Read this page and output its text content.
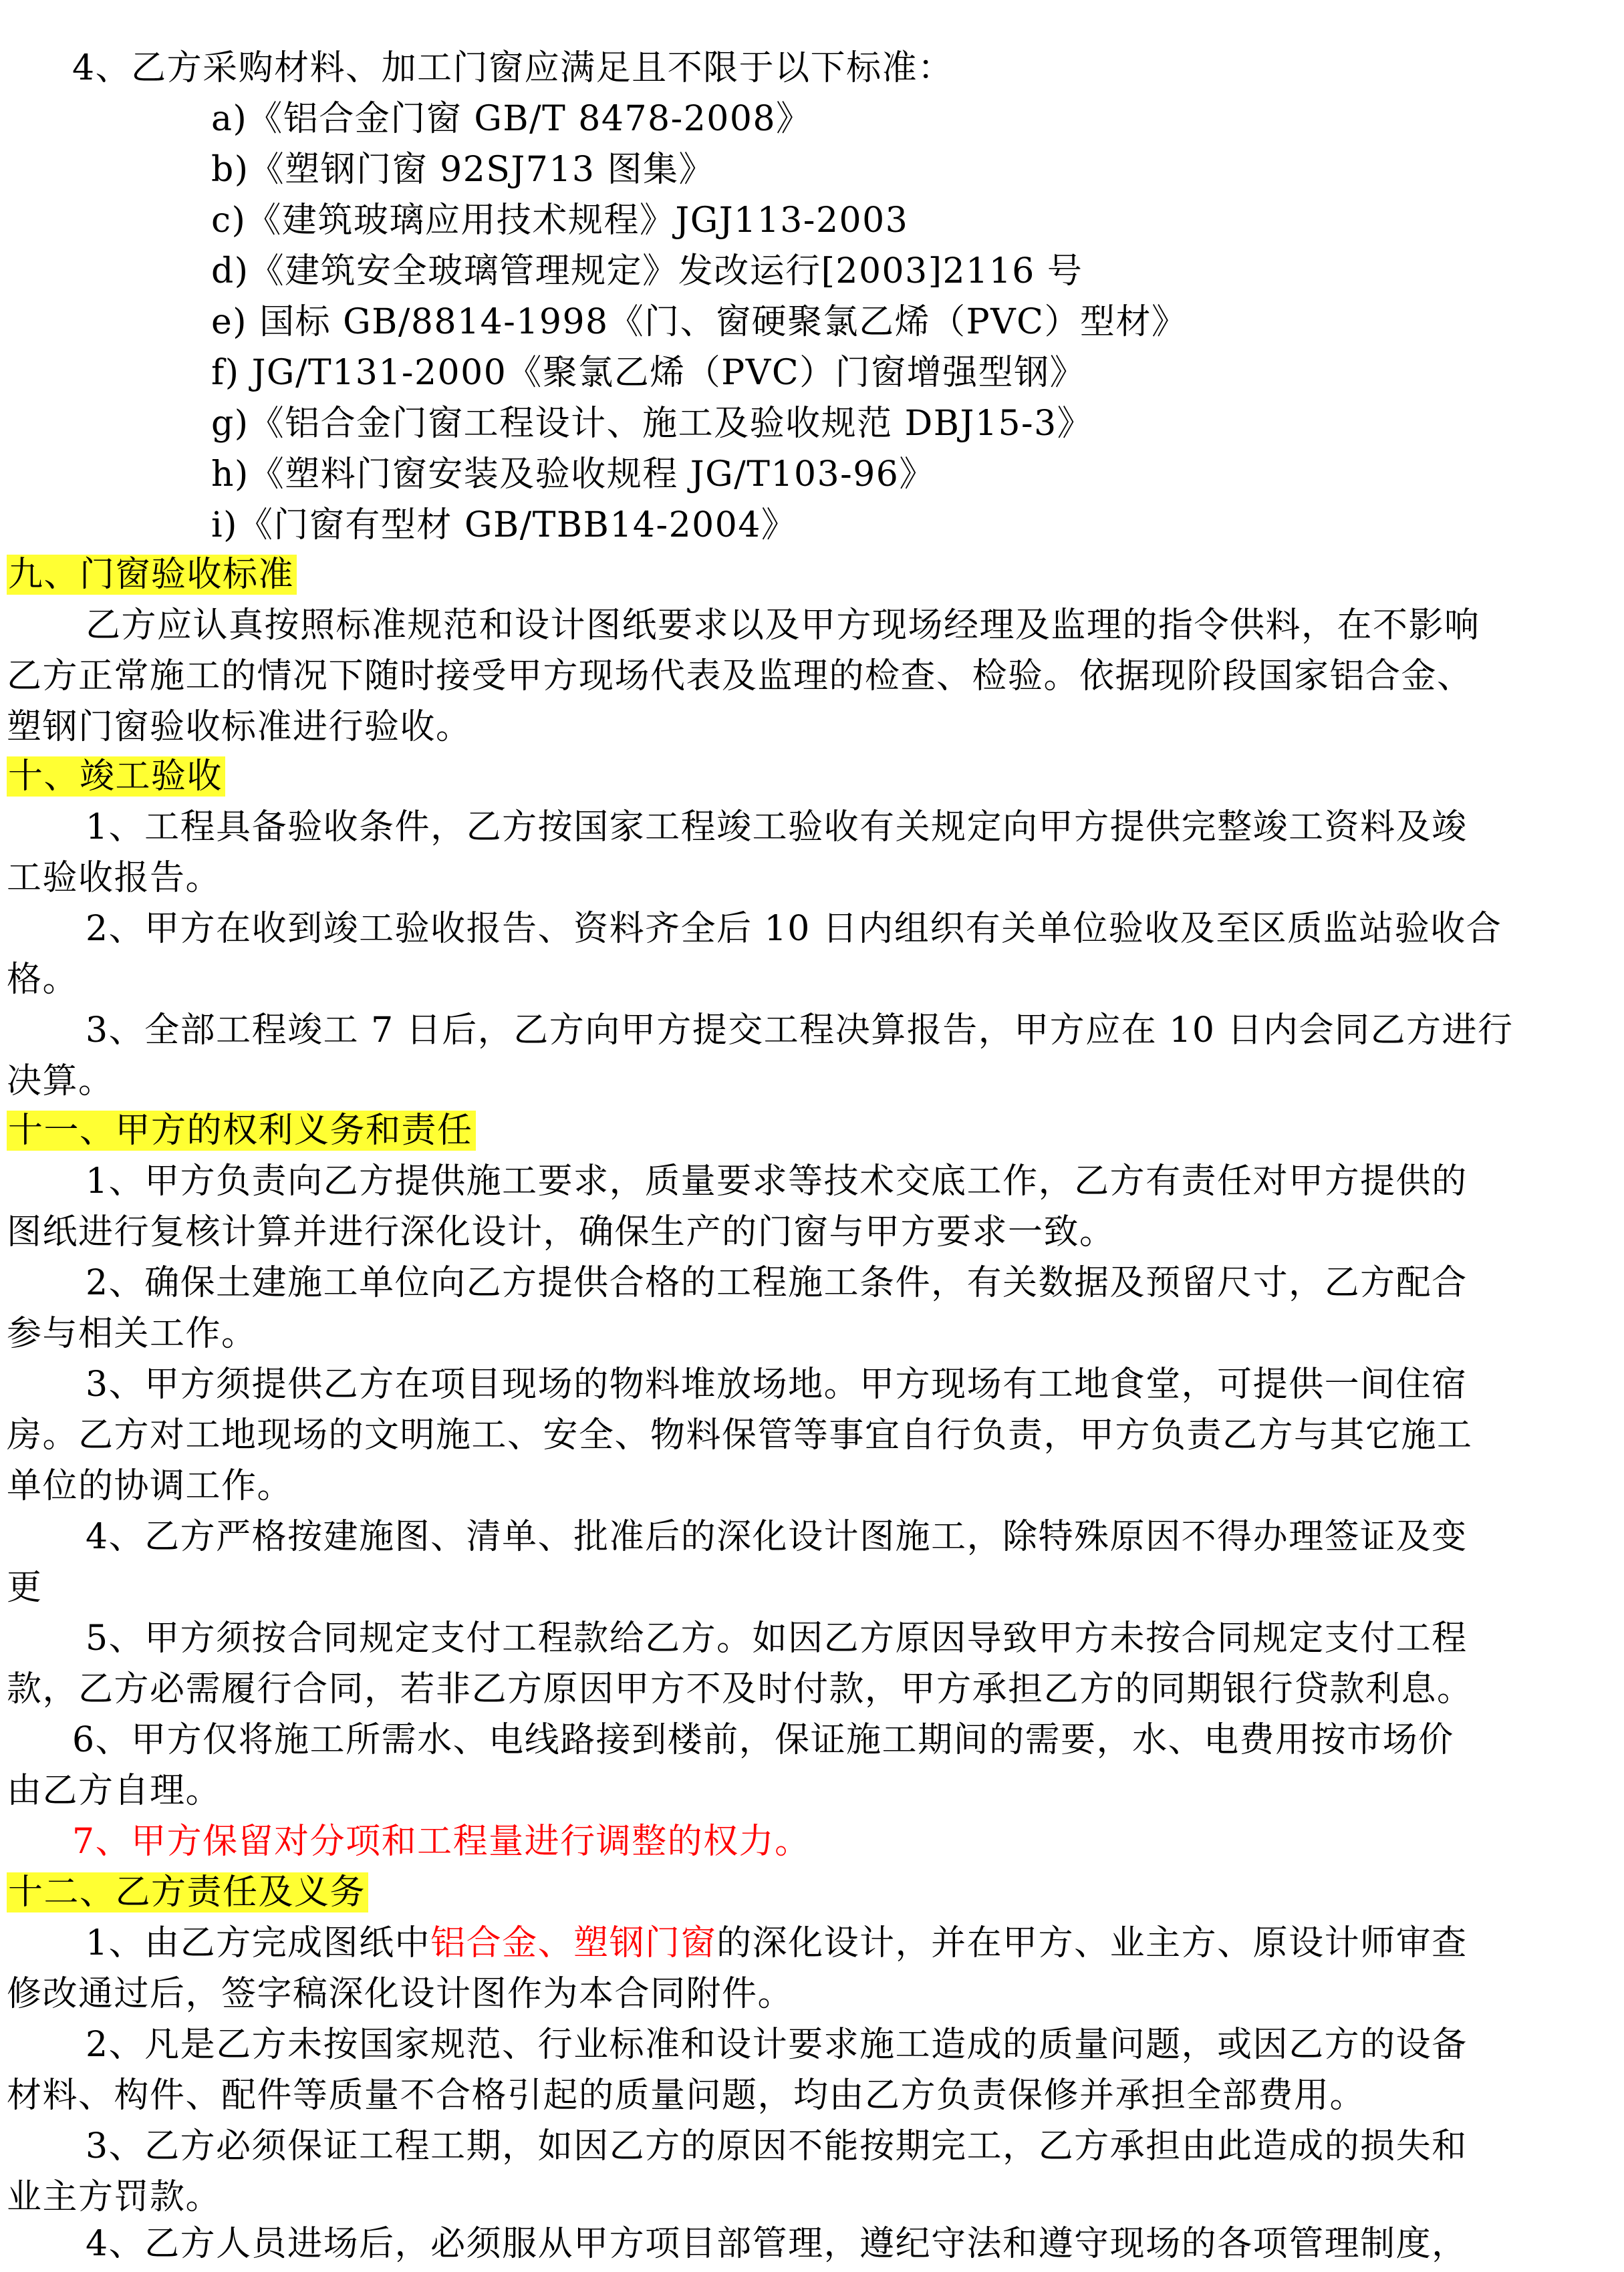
4、乙方采购材料、加工门窗应满足且不限于以下标准：
a)《铝合金门窗 GB/T 8478-2008》
b)《塑钢门窗 92SJ713 图集》
c)《建筑玻璃应用技术规程》JGJ113-2003
d)《建筑安全玻璃管理规定》发改运行[2003]2116 号
e) 国标 GB/8814-1998《门、窗硬聚氯乙烯（PVC）型材》
f) JG/T131-2000《聚氯乙烯（PVC）门窗增强型钢》
g)《铝合金门窗工程设计、施工及验收规范 DBJ15-3》
h)《塑料门窗安装及验收规程 JG/T103-96》
i)《门窗有型材 GB/TBB14-2004》
九、门窗验收标准
乙方应认真按照标准规范和设计图纸要求以及甲方现场经理及监理的指令供料，在不影响
乙方正常施工的情况下随时接受甲方现场代表及监理的检查、检验。依据现阶段国家铝合金、
塑钢门窗验收标准进行验收。
十、竣工验收
1、工程具备验收条件，乙方按国家工程竣工验收有关规定向甲方提供完整竣工资料及竣
工验收报告。
2、甲方在收到竣工验收报告、资料齐全后 10 日内组织有关单位验收及至区质监站验收合
格。
3、全部工程竣工 7 日后，乙方向甲方提交工程决算报告，甲方应在 10 日内会同乙方进行
决算。
十一、甲方的权利义务和责任
1、甲方负责向乙方提供施工要求，质量要求等技术交底工作，乙方有责任对甲方提供的
图纸进行复核计算并进行深化设计，确保生产的门窗与甲方要求一致。
2、确保土建施工单位向乙方提供合格的工程施工条件，有关数据及预留尺寸，乙方配合
参与相关工作。
3、甲方须提供乙方在项目现场的物料堆放场地。甲方现场有工地食堂，可提供一间住宿
房。乙方对工地现场的文明施工、安全、物料保管等事宜自行负责，甲方负责乙方与其它施工
单位的协调工作。
4、乙方严格按建施图、清单、批准后的深化设计图施工，除特殊原因不得办理签证及变
更
5、甲方须按合同规定支付工程款给乙方。如因乙方原因导致甲方未按合同规定支付工程
款，乙方必需履行合同，若非乙方原因甲方不及时付款，甲方承担乙方的同期银行贷款利息。
6、甲方仅将施工所需水、电线路接到楼前，保证施工期间的需要，水、电费用按市场价
由乙方自理。
7、甲方保留对分项和工程量进行调整的权力。
十二、乙方责任及义务
1、由乙方完成图纸中铝合金、塑钢门窗的深化设计，并在甲方、业主方、原设计师审查
修改通过后，签字稿深化设计图作为本合同附件。
2、凡是乙方未按国家规范、行业标准和设计要求施工造成的质量问题，或因乙方的设备
材料、构件、配件等质量不合格引起的质量问题，均由乙方负责保修并承担全部费用。
3、乙方必须保证工程工期，如因乙方的原因不能按期完工，乙方承担由此造成的损失和
业主方罚款。
4、乙方人员进场后，必须服从甲方项目部管理，遵纪守法和遵守现场的各项管理制度，
